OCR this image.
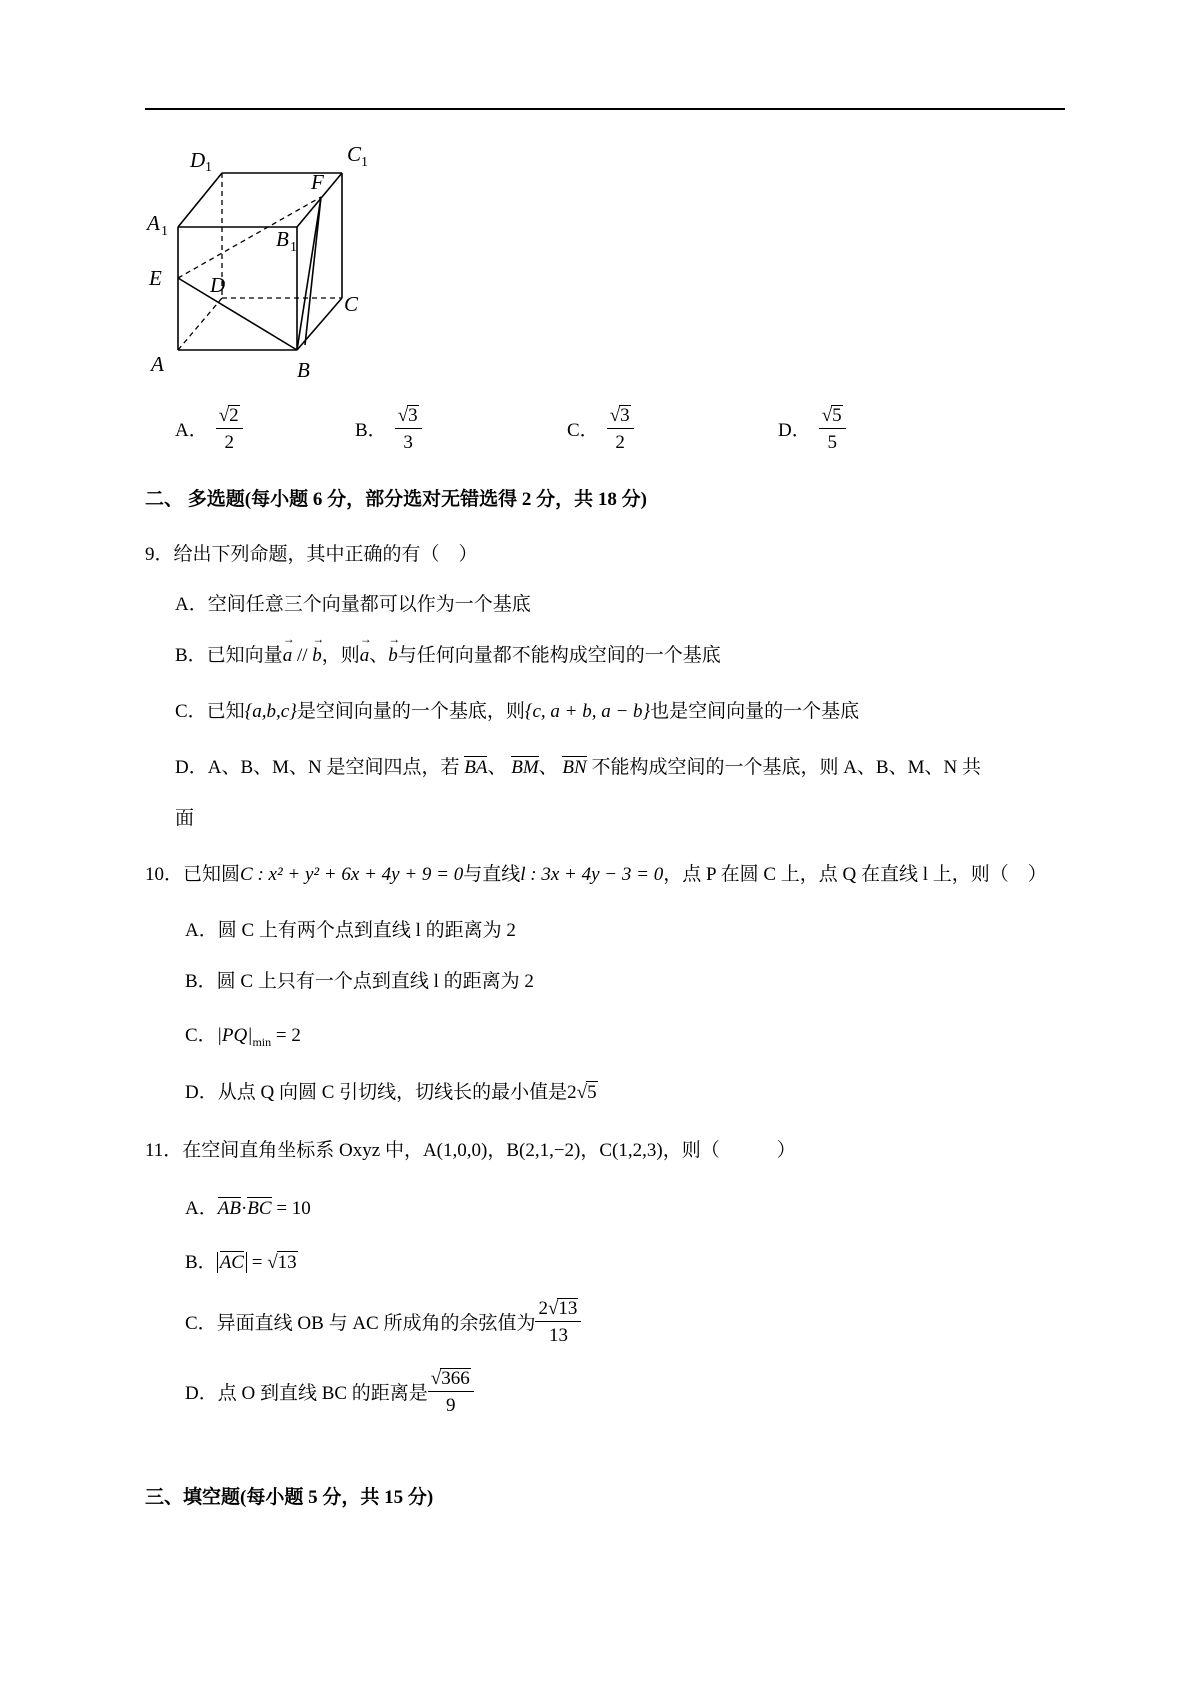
D 1
C 1
A 1	B 1
F
E D
C
A	B
A． $\frac{√ 2}{2}$	B． $\frac{√ 3}{3}$	C． $\frac{√ 3}{2}$	D． $\frac{√ 5}{5}$
二、 多选题(每小题 6 分，部分选对无错选得 2 分，共 18 分)
9．给出下列命题，其中正确的有（　）
A．空间任意三个向量都可以作为一个基底
B．已知向量→ a // → b，则→ a、→ b与任何向量都不能构成空间的一个基底
C．已知{a,b,c}是空间向量的一个基底，则{c, a + b, a − b}也是空间向量的一个基底
D．A、B、M、N 是空间四点，若 BA、 BM、 BN 不能构成空间的一个基底，则 A、B、M、N 共
面
10．已知圆C : x² + y² + 6x + 4y + 9 = 0与直线l : 3x + 4y − 3 = 0，点 P 在圆 C 上，点 Q 在直线 l 上，则（　）
A．圆 C 上有两个点到直线 l 的距离为 2
B．圆 C 上只有一个点到直线 l 的距离为 2
C．$|PQ|_{min} = 2$
D．从点 Q 向圆 C 引切线，切线长的最小值是2 √ 5
11．在空间直角坐标系 Oxyz 中，A(1,0,0)，B(2,1,−2)，C(1,2,3)，则（　　　）
A．AB·BC = 10
B． AC = √ 13
C．异面直线 OB 与 AC 所成角的余弦值为 $\frac{2 √ 13}{13}$
D．点 O 到直线 BC 的距离是 $\frac{√ 366}{9}$
三、填空题(每小题 5 分，共 15 分)
